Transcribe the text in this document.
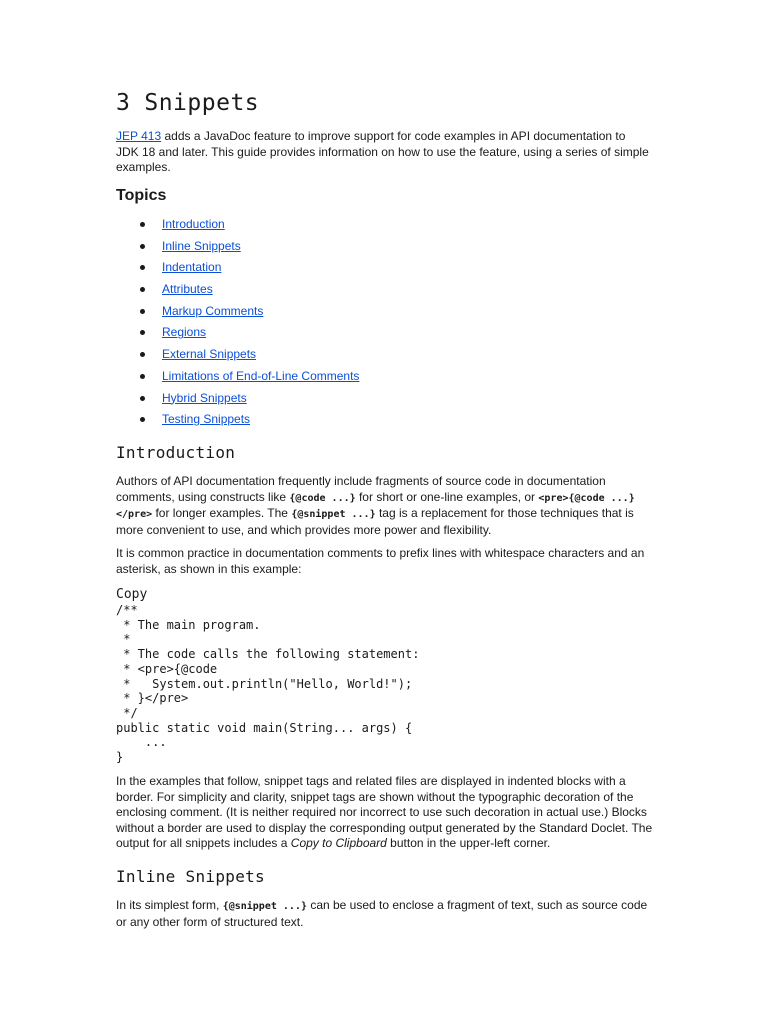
3 Snippets

JEP 413 adds a JavaDoc feature to improve support for code examples in API documentation to JDK 18 and later. This guide provides information on how to use the feature, using a series of simple examples.

Topics
Introduction
Inline Snippets
Indentation
Attributes
Markup Comments
Regions
External Snippets
Limitations of End-of-Line Comments
Hybrid Snippets
Testing Snippets
Introduction

Authors of API documentation frequently include fragments of source code in documentation comments, using constructs like {@code ...} for short or one-line examples, or <pre>{@code ...}</pre> for longer examples. The {@snippet ...} tag is a replacement for those techniques that is more convenient to use, and which provides more power and flexibility.

It is common practice in documentation comments to prefix lines with whitespace characters and an asterisk, as shown in this example:

Copy
/**
* The main program.
*
* The code calls the following statement:
* <pre>{@code
*   System.out.println("Hello, World!");
* }</pre>
*/
public static void main(String... args) {
...
}

In the examples that follow, snippet tags and related files are displayed in indented blocks with a border. For simplicity and clarity, snippet tags are shown without the typographic decoration of the enclosing comment. (It is neither required nor incorrect to use such decoration in actual use.) Blocks without a border are used to display the corresponding output generated by the Standard Doclet. The output for all snippets includes a Copy to Clipboard button in the upper-left corner.

Inline Snippets

In its simplest form, {@snippet ...} can be used to enclose a fragment of text, such as source code or any other form of structured text.
